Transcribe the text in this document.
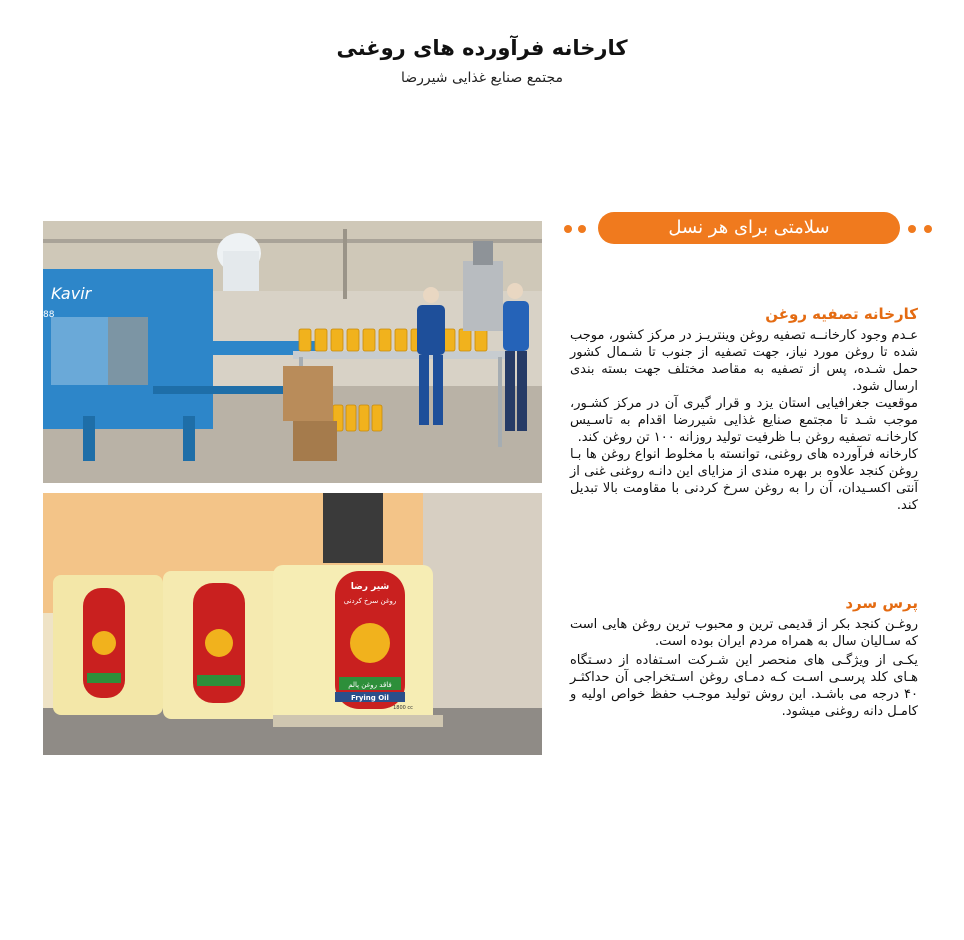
کارخانه فرآورده های روغنی
مجتمع صنایع غذایی شیررضا
Kavir
88
شیر رضا
روغن سرخ کردنی
فاقد روغن پالم
Frying Oil
1800 cc
سلامتی برای هر نسل
کارخانه تصفیه روغن

عـدم وجود کارخانــه تصفیه روغن وینتریـز در مرکز کشور، موجب شده تا روغن مورد نیاز، جهت تصفیه از جنوب تا شـمال کشور حمل شـده، پس از تصفیه به مقاصد مختلف جهت بسته بندی ارسال شود.

موقعیت جغرافیایی استان یزد و قرار گیری آن در مرکز کشـور، موجب شـد تا مجتمع صنایع غذایی شیررضا اقدام به تاسـیس کارخانـه تصفیه روغن بـا ظرفیت تولید روزانه ۱۰۰ تن روغن کند.

کارخانه فرآورده های روغنی، توانسته با مخلوط انواع روغن ها بـا روغن کنجد علاوه بر بهره مندی از مزایای این دانـه روغنی غنی از آنتی اکسـیدان، آن را به روغن سرخ کردنی با مقاومت بالا تبدیل کند.

پرس سرد

روغـن کنجد بکر از قدیمی ترین و محبوب ترین روغن هایی است که سـالیان سال به همراه مردم ایران بوده است.

یکـی از ویژگـی های منحصر این شـرکت اسـتفاده از دسـتگاه هـای کلد پرسـی اسـت کـه دمـای روغن اسـتخراجی آن حداکثـر ۴۰ درجه می باشـد. این روش تولید موجـب حفظ خواص اولیه و کامـل دانه روغنی میشود.
